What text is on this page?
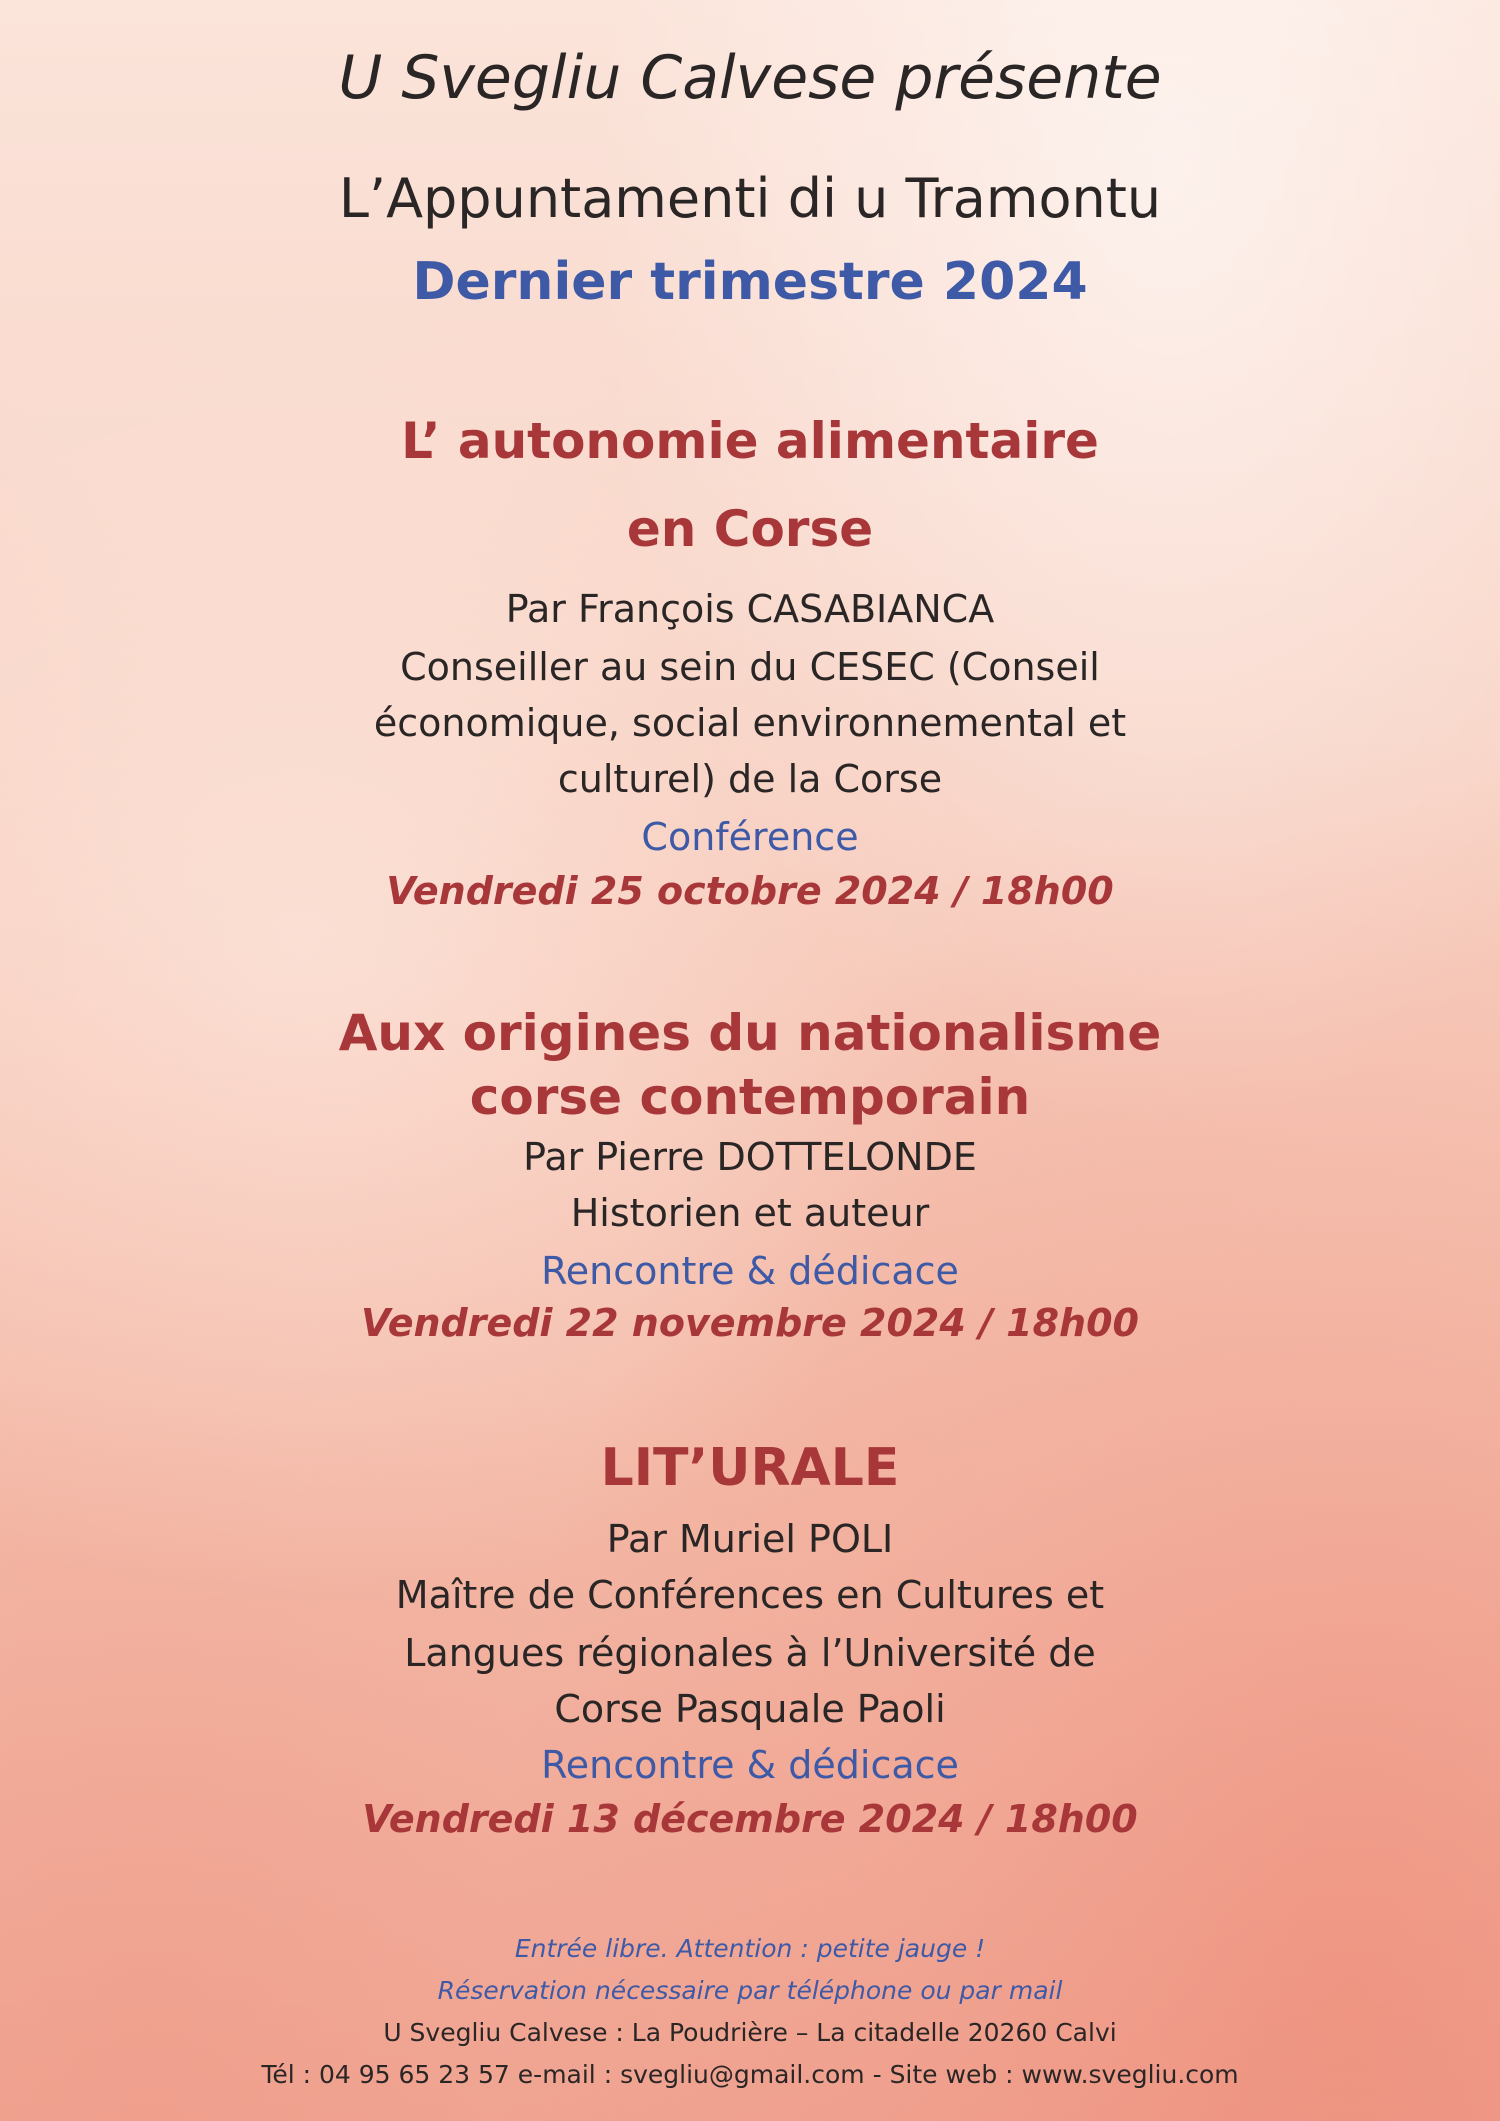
U Svegliu Calvese présente
L’Appuntamenti di u Tramontu
Dernier trimestre 2024
L’ autonomie alimentaire
en Corse
Par François CASABIANCA
Conseiller au sein du CESEC (Conseil
économique, social environnemental et
culturel) de la Corse
Conférence
Vendredi 25 octobre 2024 / 18h00
Aux origines du nationalisme
corse contemporain
Par Pierre DOTTELONDE
Historien et auteur
Rencontre & dédicace
Vendredi 22 novembre 2024 / 18h00
LIT’URALE
Par Muriel POLI
Maître de Conférences en Cultures et
Langues régionales à l’Université de
Corse Pasquale Paoli
Rencontre & dédicace
Vendredi 13 décembre 2024 / 18h00
Entrée libre. Attention : petite jauge !
Réservation nécessaire par téléphone ou par mail
U Svegliu Calvese : La Poudrière – La citadelle 20260 Calvi
Tél : 04 95 65 23 57 e-mail : svegliu@gmail.com - Site web : www.svegliu.com
